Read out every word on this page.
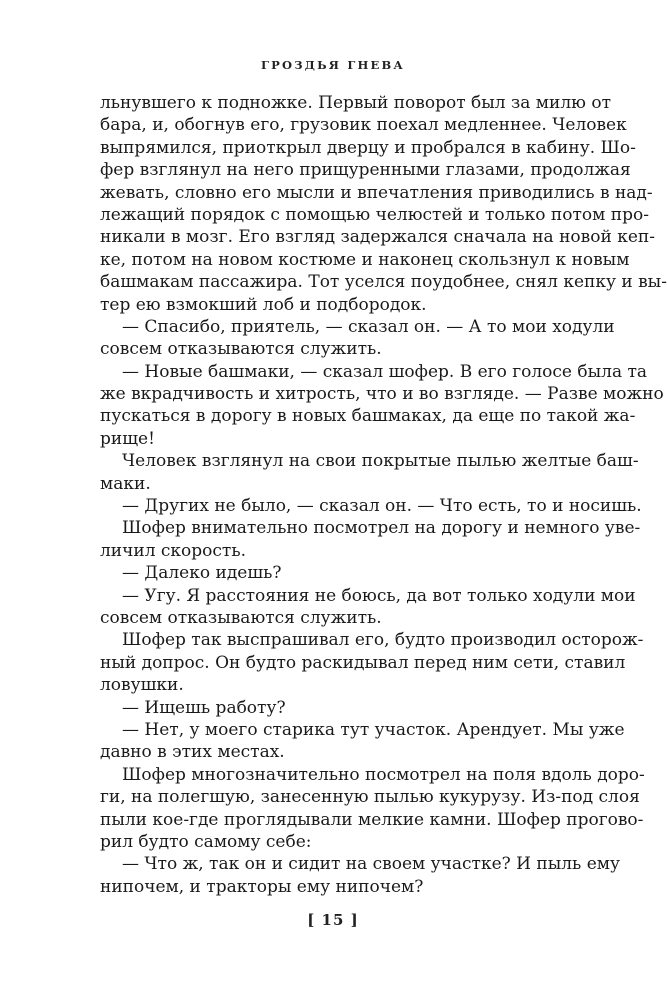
ГРОЗДЬЯ ГНЕВА
льнувшего к подножке. Первый поворот был за милю от
бара, и, обогнув его, грузовик поехал медленнее. Человек
выпрямился, приоткрыл дверцу и пробрался в кабину. Шо-
фер взглянул на него прищуренными глазами, продолжая
жевать, словно его мысли и впечатления приводились в над-
лежащий порядок с помощью челюстей и только потом про-
никали в мозг. Его взгляд задержался сначала на новой кеп-
ке, потом на новом костюме и наконец скользнул к новым
башмакам пассажира. Тот уселся поудобнее, снял кепку и вы-
тер ею взмокший лоб и подбородок.
— Спасибо, приятель, — сказал он. — А то мои ходули
совсем отказываются служить.
— Новые башмаки, — сказал шофер. В его голосе была та
же вкрадчивость и хитрость, что и во взгляде. — Разве можно
пускаться в дорогу в новых башмаках, да еще по такой жа-
рище!
Человек взглянул на свои покрытые пылью желтые баш-
маки.
— Других не было, — сказал он. — Что есть, то и носишь.
Шофер внимательно посмотрел на дорогу и немного уве-
личил скорость.
— Далеко идешь?
— Угу. Я расстояния не боюсь, да вот только ходули мои
совсем отказываются служить.
Шофер так выспрашивал его, будто производил осторож-
ный допрос. Он будто раскидывал перед ним сети, ставил
ловушки.
— Ищешь работу?
— Нет, у моего старика тут участок. Арендует. Мы уже
давно в этих местах.
Шофер многозначительно посмотрел на поля вдоль доро-
ги, на полегшую, занесенную пылью кукурузу. Из-под слоя
пыли кое-где проглядывали мелкие камни. Шофер прогово-
рил будто самому себе:
— Что ж, так он и сидит на своем участке? И пыль ему
нипочем, и тракторы ему нипочем?
[ 15 ]
